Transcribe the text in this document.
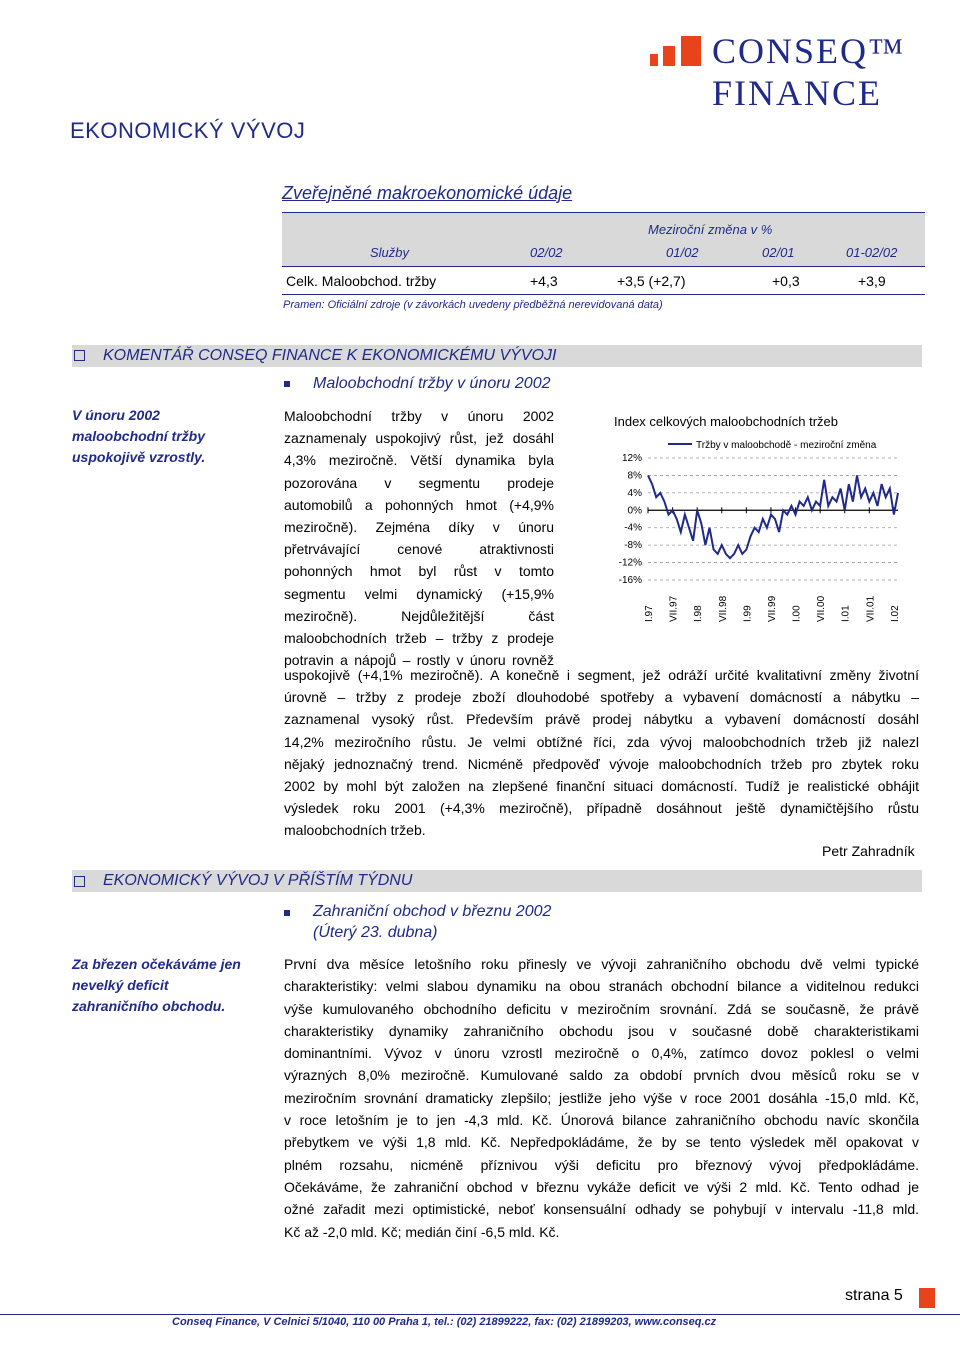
CONSEQ™ FINANCE
EKONOMICKÝ VÝVOJ
Zveřejněné makroekonomické údaje
Meziroční změna v %
Služby	02/02	01/02	02/01	01-02/02
Celk. Maloobchod. tržby	+4,3	+3,5 (+2,7)	+0,3	+3,9
Pramen: Oficiální zdroje (v závorkách uvedeny předběžná nerevidovaná data)
KOMENTÁŘ CONSEQ FINANCE K EKONOMICKÉMU VÝVOJI
Maloobchodní tržby v únoru 2002
V únoru 2002
maloobchodní tržby
uspokojivě vzrostly.
Maloobchodní tržby v únoru 2002
zaznamenaly uspokojivý růst, jež dosáhl
4,3% meziročně. Větší dynamika byla
pozorována v segmentu prodeje
automobilů a pohonných hmot (+4,9%
meziročně). Zejména díky v únoru
přetrvávající cenové atraktivnosti
pohonných hmot byl růst v tomto
segmentu velmi dynamický (+15,9%
meziročně). Nejdůležitější část
maloobchodních tržeb – tržby z prodeje
potravin a nápojů – rostly v únoru rovněž
Index celkových maloobchodních tržeb
Tržby v maloobchodě - meziroční změna
12%
8%
4%
0%
-4%
-8%
-12%
-16%
I.97 VII.97 I.98 VII.98 I.99 VII.99 I.00 VII.00 I.01 VII.01 I.02
uspokojivě (+4,1% meziročně). A konečně i segment, jež odráží určité kvalitativní změny životní
úrovně – tržby z prodeje zboží dlouhodobé spotřeby a vybavení domácností a nábytku –
zaznamenal vysoký růst. Především právě prodej nábytku a vybavení domácností dosáhl
14,2% meziročního růstu. Je velmi obtížné říci, zda vývoj maloobchodních tržeb již nalezl
nějaký jednoznačný trend. Nicméně předpověď vývoje maloobchodních tržeb pro zbytek roku
2002 by mohl být založen na zlepšené finanční situaci domácností. Tudíž je realistické obhájit
výsledek roku 2001 (+4,3% meziročně), případně dosáhnout ještě dynamičtějšího růstu
maloobchodních tržeb.
Petr Zahradník
EKONOMICKÝ VÝVOJ V PŘÍŠTÍM TÝDNU
Zahraniční obchod v březnu 2002
(Úterý 23. dubna)
Za březen očekáváme jen
nevelký deficit
zahraničního obchodu.
První dva měsíce letošního roku přinesly ve vývoji zahraničního obchodu dvě velmi typické
charakteristiky: velmi slabou dynamiku na obou stranách obchodní bilance a viditelnou redukci
výše kumulovaného obchodního deficitu v meziročním srovnání. Zdá se současně, že právě
charakteristiky dynamiky zahraničního obchodu jsou v současné době charakteristikami
dominantními. Vývoz v únoru vzrostl meziročně o 0,4%, zatímco dovoz poklesl o velmi
výrazných 8,0% meziročně. Kumulované saldo za období prvních dvou měsíců roku se v
meziročním srovnání dramaticky zlepšilo; jestliže jeho výše v roce 2001 dosáhla -15,0 mld. Kč,
v roce letošním je to jen -4,3 mld. Kč. Únorová bilance zahraničního obchodu navíc skončila
přebytkem ve výši 1,8 mld. Kč. Nepředpokládáme, že by se tento výsledek měl opakovat v
plném rozsahu, nicméně příznivou výši deficitu pro březnový vývoj předpokládáme.
Očekáváme, že zahraniční obchod v březnu vykáže deficit ve výši 2 mld. Kč. Tento odhad je
ožné zařadit mezi optimistické, neboť konsensuální odhady se pohybují v intervalu -11,8 mld.
Kč až -2,0 mld. Kč; medián činí -6,5 mld. Kč.
strana 5
Conseq Finance, V Celnici 5/1040, 110 00 Praha 1, tel.: (02) 21899222, fax: (02) 21899203, www.conseq.cz
